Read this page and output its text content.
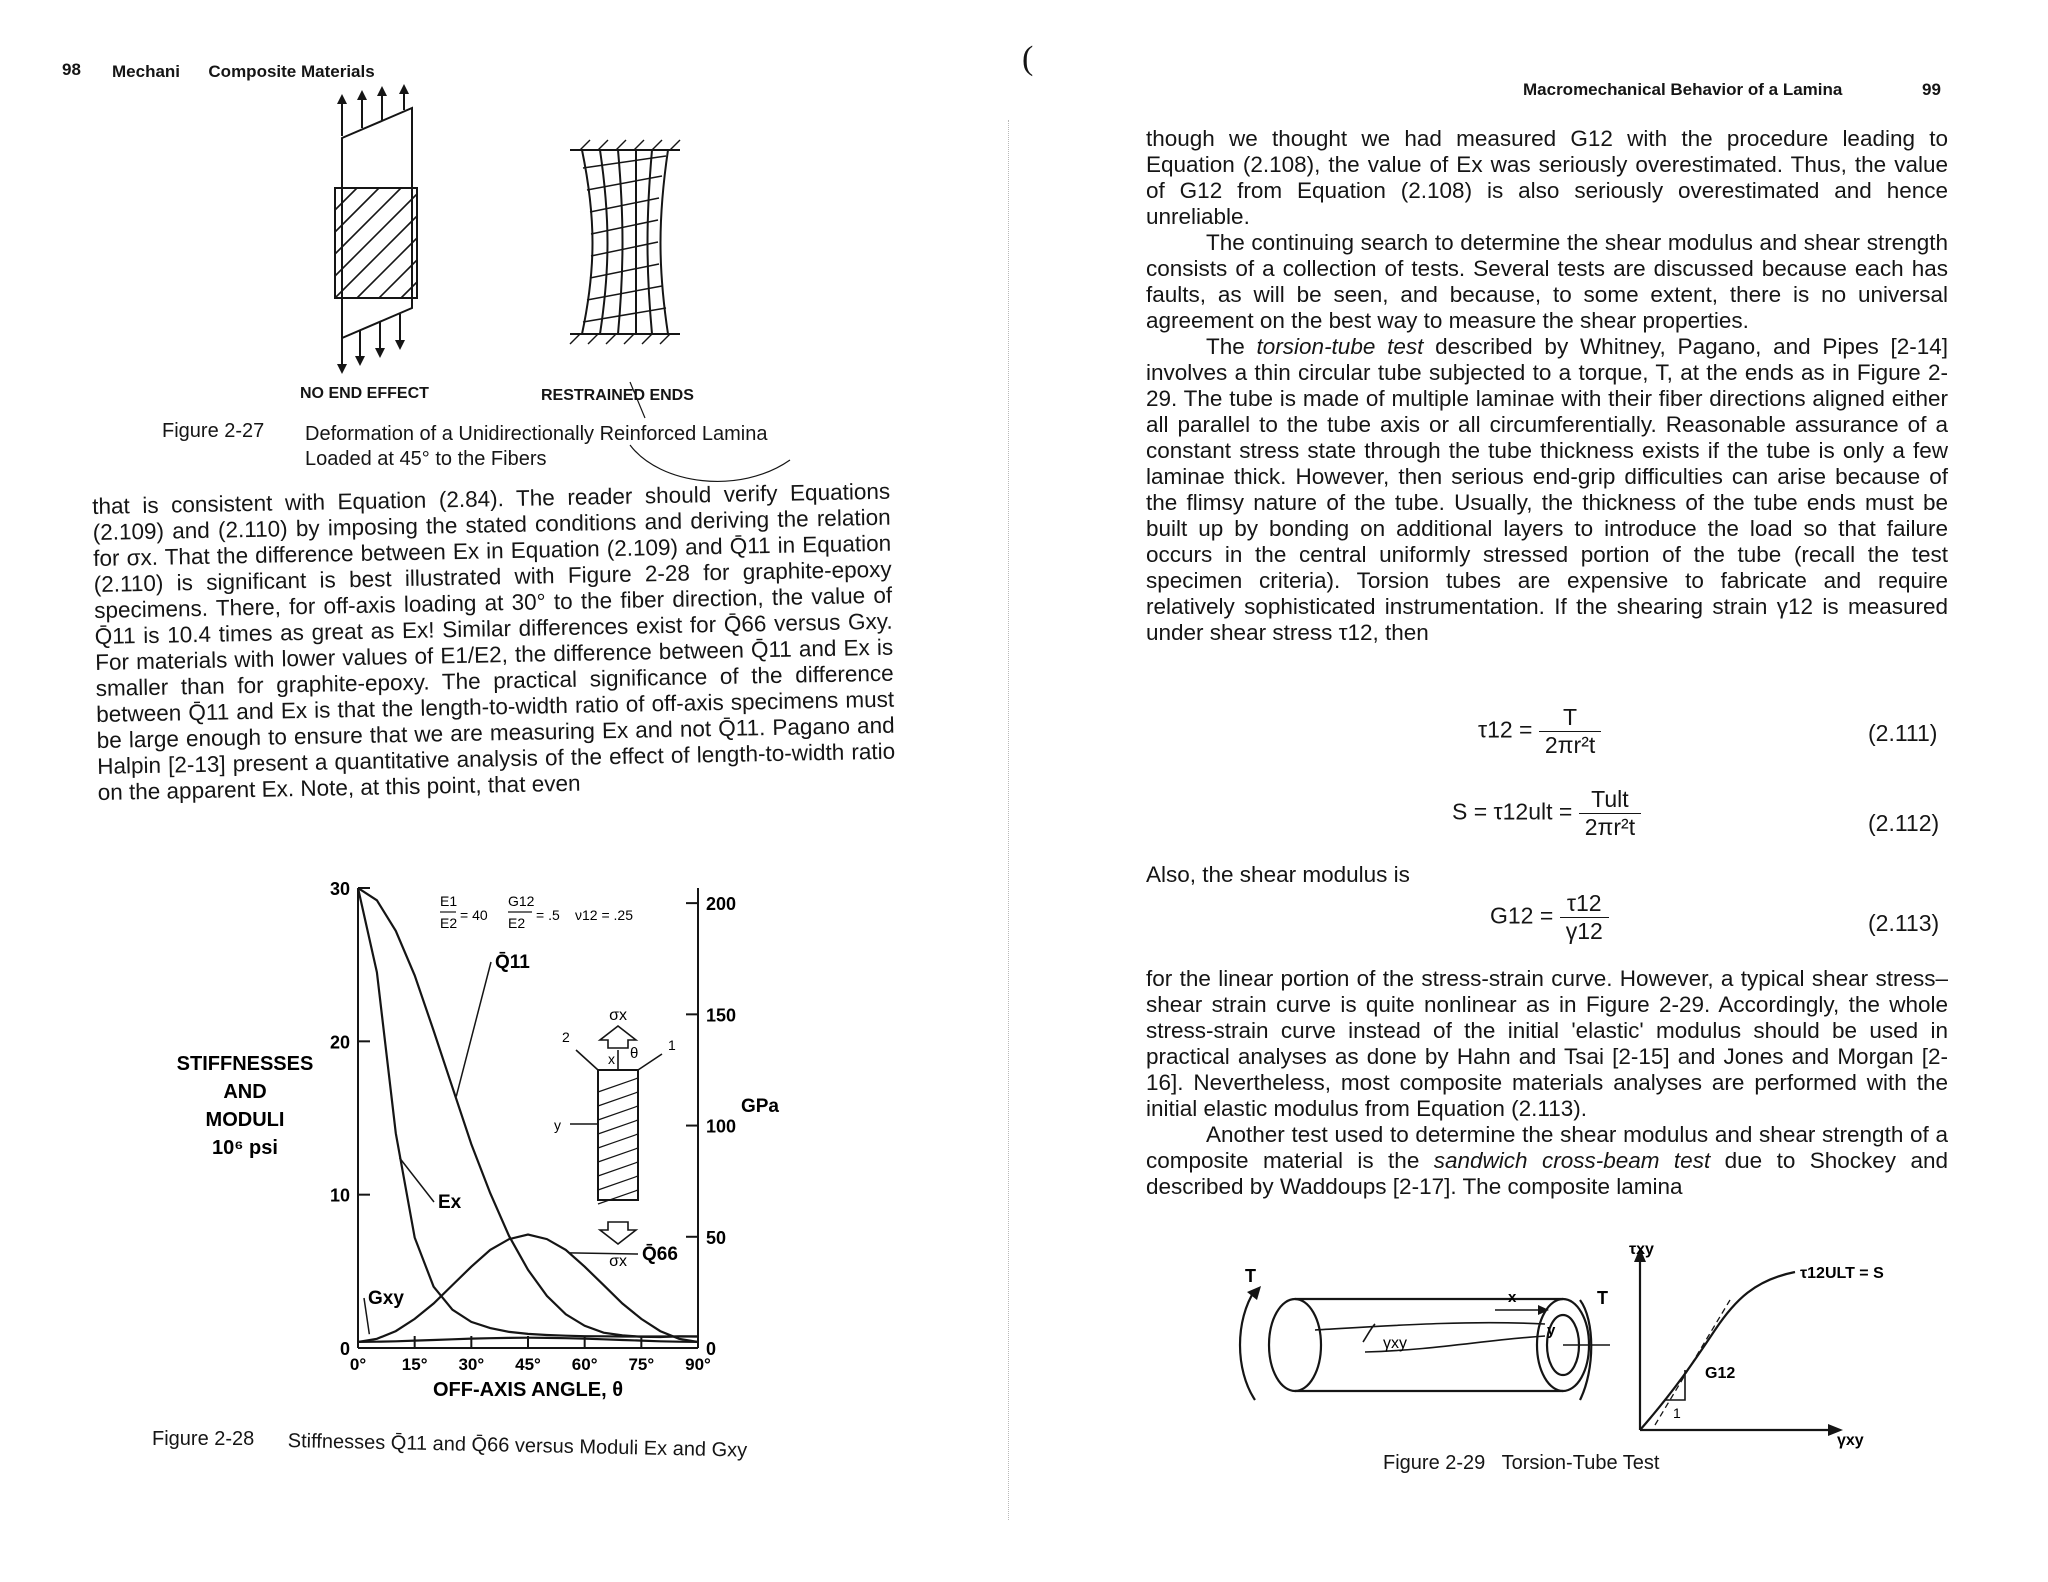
98 Mechani Composite Materials
NO END EFFECT	RESTRAINED ENDS
Figure 2-27 Deformation of a Unidirectionally Reinforced Lamina
Loaded at 45° to the Fibers
that is consistent with Equation (2.84). The reader should verify Equations (2.109) and (2.110) by imposing the stated conditions and deriving the relation for σx. That the difference between Ex in Equation (2.109) and Q̄11 in Equation (2.110) is significant is best illustrated with Figure 2-28 for graphite-epoxy specimens. There, for off-axis loading at 30° to the fiber direction, the value of Q̄11 is 10.4 times as great as Ex! Similar differences exist for Q̄66 versus Gxy. For materials with lower values of E1/E2, the difference between Q̄11 and Ex is smaller than for graphite-epoxy. The practical significance of the difference between Q̄11 and Ex is that the length-to-width ratio of off-axis specimens must be large enough to ensure that we are measuring Ex and not Q̄11. Pagano and Halpin [2-13] present a quantitative analysis of the effect of length-to-width ratio on the apparent Ex. Note, at this point, that even
0
10
20
30
0
50
100
150
200
0° 15° 30° 45° 60° 75° 90°
OFF-AXIS ANGLE, θ
STIFFNESSES
AND
MODULI
10⁶ psi
GPa
Q̄11
Ex
Q̄66
Gxy
E1
E2 = 40
G12
E2 = .5 ν12 = .25
σx
σx
x θ 1
2
y
Figure 2-28 Stiffnesses Q̄11 and Q̄66 versus Moduli Ex and Gxy
(
Macromechanical Behavior of a Lamina	99

though we thought we had measured G12 with the procedure leading to Equation (2.108), the value of Ex was seriously overestimated. Thus, the value of G12 from Equation (2.108) is also seriously overestimated and hence unreliable.

The continuing search to determine the shear modulus and shear strength consists of a collection of tests. Several tests are discussed because each has faults, as will be seen, and because, to some extent, there is no universal agreement on the best way to measure the shear properties.

The torsion-tube test described by Whitney, Pagano, and Pipes [2-14] involves a thin circular tube subjected to a torque, T, at the ends as in Figure 2-29. The tube is made of multiple laminae with their fiber directions aligned either all parallel to the tube axis or all circumferentially. Reasonable assurance of a constant stress state through the tube thickness exists if the tube is only a few laminae thick. However, then serious end-grip difficulties can arise because of the flimsy nature of the tube. Usually, the thickness of the tube ends must be built up by bonding on additional layers to introduce the load so that failure occurs in the central uniformly stressed portion of the tube (recall the test specimen criteria). Torsion tubes are expensive to fabricate and require relatively sophisticated instrumentation. If the shearing strain γ12 is measured under shear stress τ12, then

$\tau 12 = \frac{T}{\text{2πr²t}}$	(2.111)
$S = \tau 12ult = \frac{\text{Tult}}{\text{2πr²t}}$	(2.112)
Also, the shear modulus is
$G12 = \frac{\tau 12}{\gamma 12}$	(2.113)

for the linear portion of the stress-strain curve. However, a typical shear stress–shear strain curve is quite nonlinear as in Figure 2-29. Accordingly, the whole stress-strain curve instead of the initial 'elastic' modulus should be used in practical analyses as done by Hahn and Tsai [2-15] and Jones and Morgan [2-16]. Nevertheless, most composite materials analyses are performed with the initial elastic modulus from Equation (2.113).

Another test used to determine the shear modulus and shear strength of a composite material is the sandwich cross-beam test due to Shockey and described by Waddoups [2-17]. The composite lamina

T
T
x
y
γxy
τxy
γxy
G12
1
τ12ULT = S
Figure 2-29   Torsion-Tube Test
